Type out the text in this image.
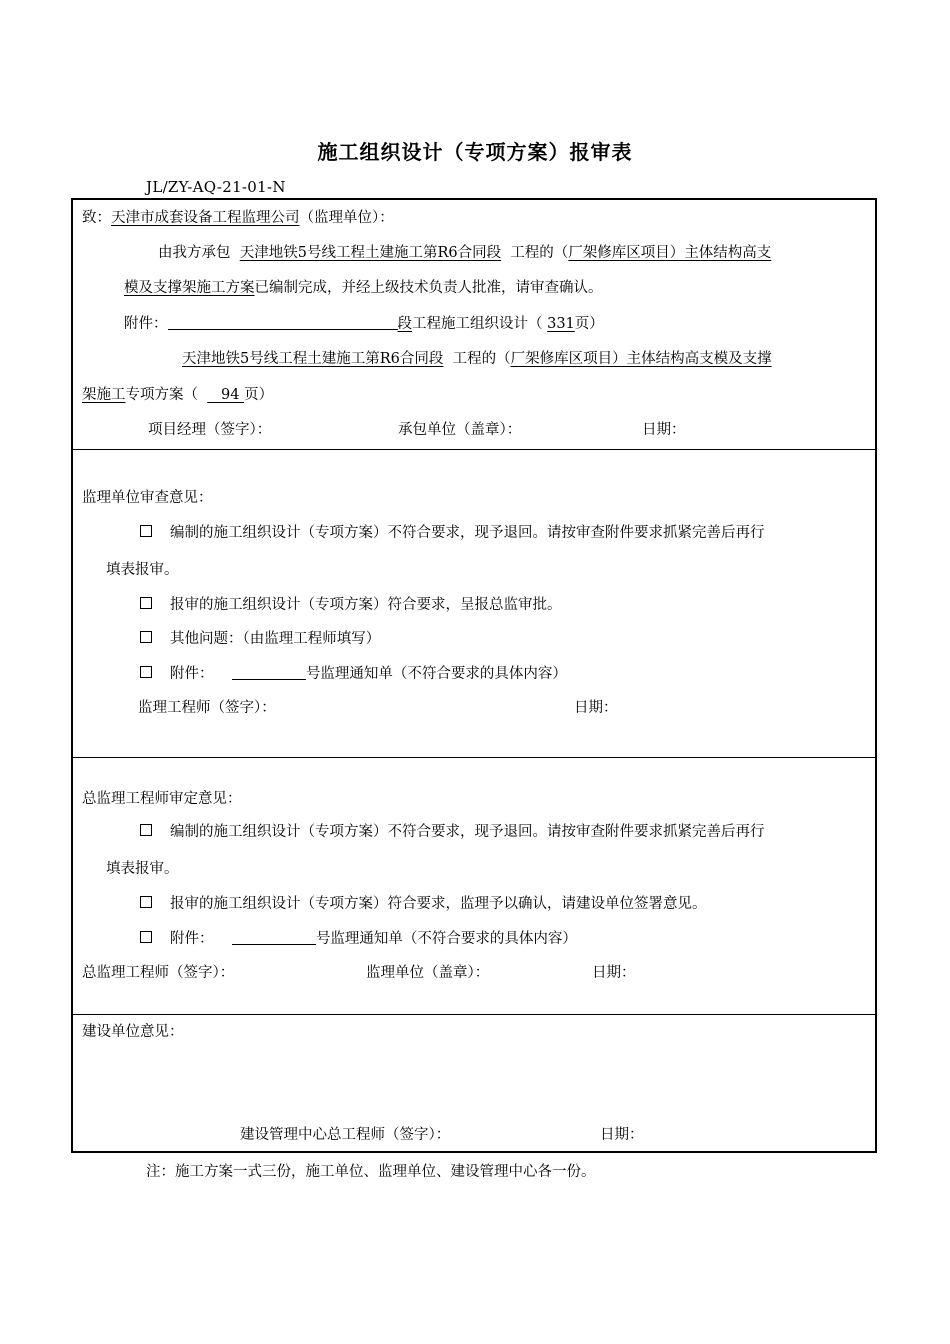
施工组织设计（专项方案）报审表
JL/ZY-AQ-21-01-N
致：天津市成套设备工程监理公司（监理单位）：
由我方承包 天津地铁5号线工程土建施工第R6合同段 工程的（厂架修库区项目）主体结构高支
模及支撑架施工方案已编制完成，并经上级技术负责人批准，请审查确认。
附件：	段工程施工组织设计（ 331页）
天津地铁5号线工程土建施工第R6合同段 工程的（厂架修库区项目）主体结构高支模及支撑
架施工专项方案（ 94 页）
项目经理（签字）：	承包单位（盖章）：	日期：
监理单位审查意见：
编制的施工组织设计（专项方案）不符合要求，现予退回。请按审查附件要求抓紧完善后再行
填表报审。
报审的施工组织设计（专项方案）符合要求，呈报总监审批。
其他问题：（由监理工程师填写）
附件：	号监理通知单（不符合要求的具体内容）
监理工程师（签字）：	日期：
总监理工程师审定意见：
编制的施工组织设计（专项方案）不符合要求，现予退回。请按审查附件要求抓紧完善后再行
填表报审。
报审的施工组织设计（专项方案）符合要求，监理予以确认，请建设单位签署意见。
附件：	号监理通知单（不符合要求的具体内容）
总监理工程师（签字）：	监理单位（盖章）：	日期：
建设单位意见：
建设管理中心总工程师（签字）：	日期：
注：施工方案一式三份，施工单位、监理单位、建设管理中心各一份。
